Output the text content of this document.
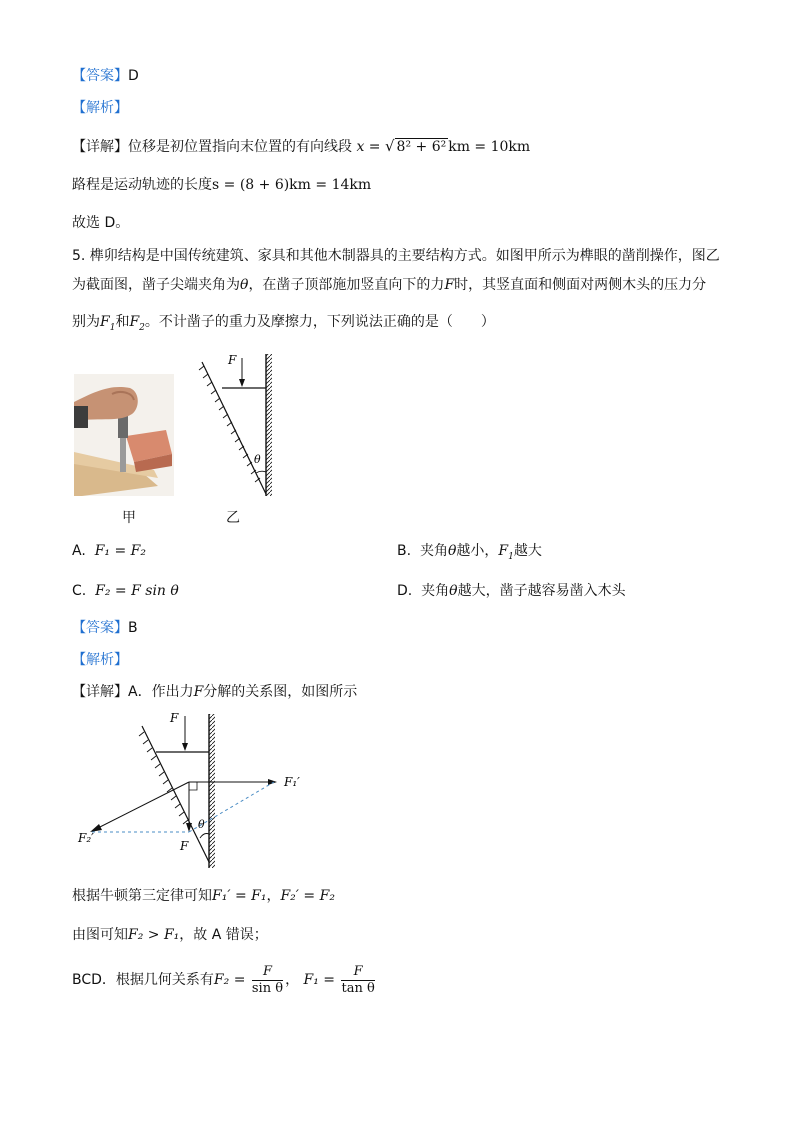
【答案】D
【解析】
【详解】位移是初位置指向末位置的有向线段 x = √ 8² + 6² km = 10km
路程是运动轨迹的长度s = (8 + 6)km = 14km
故选 D。
5. 榫卯结构是中国传统建筑、家具和其他木制器具的主要结构方式。如图甲所示为榫眼的凿削操作，图乙
为截面图，凿子尖端夹角为θ，在凿子顶部施加竖直向下的力F时，其竖直面和侧面对两侧木头的压力分
别为$F_1$和$F_2$。不计凿子的重力及摩擦力，下列说法正确的是（　　）
甲
F
θ
乙
A. F₁ = F₂	B. 夹角θ越小，$F_1$越大
C. F₂ = F sin θ	D. 夹角θ越大，凿子越容易凿入木头
【答案】B
【解析】
【详解】A．作出力F分解的关系图，如图所示
F
F
F₁′
F₂′
θ
根据牛顿第三定律可知F₁′ = F₁，F₂′ = F₂
由图可知F₂ > F₁，故 A 错误；
BCD．根据几何关系有$F_2 = \frac{F}{\text{sin θ}}$ ， $F_1 = \frac{F}{\text{tan θ}}$
